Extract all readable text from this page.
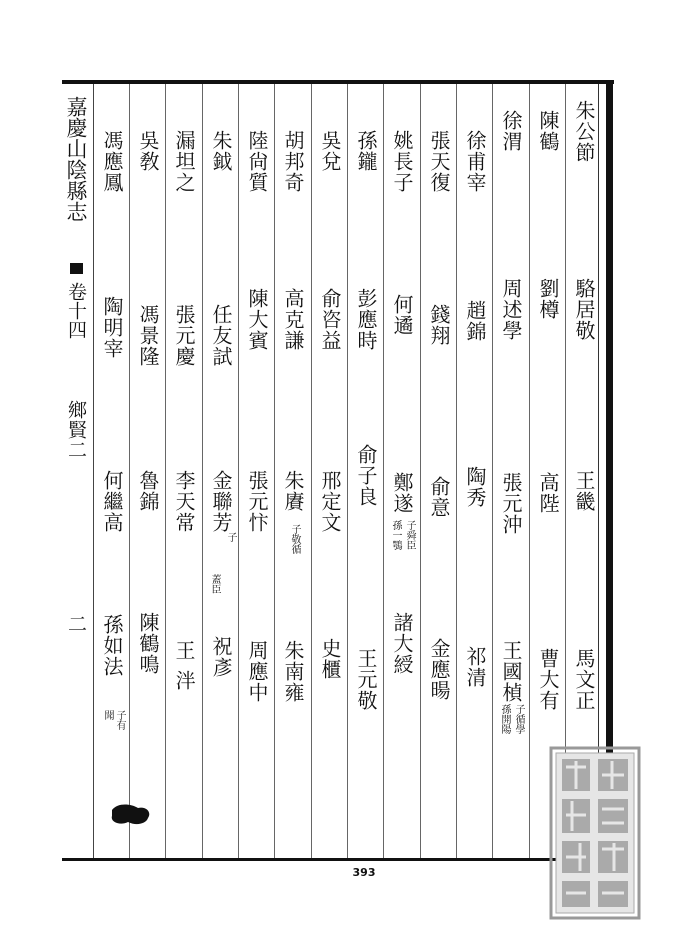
嘉慶山陰縣志
卷十四
鄉賢二
二
朱公節
駱居敬
王畿
馬文正
陳鶴
劉樽
高陛
曹大有
徐渭
周述學
張元沖
王國楨
子循學
孫開陽
徐甫宰
趙錦
陶秀
祁清
張天復
錢翔
俞意
金應暘
姚長子
何遹
鄭遂
子舜臣
孫一鶚
諸大綬
孫鑨
彭應時
俞子良
王元敬
吳兌
俞咨益
邢定文
史櫃
胡邦奇
高克謙
朱賡
子敬循
朱南雍
陸尙質
陳大賓
張元忭
周應中
朱鉞
任友試
金聯芳
子
蓋臣
祝彥
漏坦之
張元慶
李天常
王泮
吳敎
馮景隆
魯錦
陳鶴鳴
馮應鳳
陶明宰
何繼高
孫如法
子有
聞
393
